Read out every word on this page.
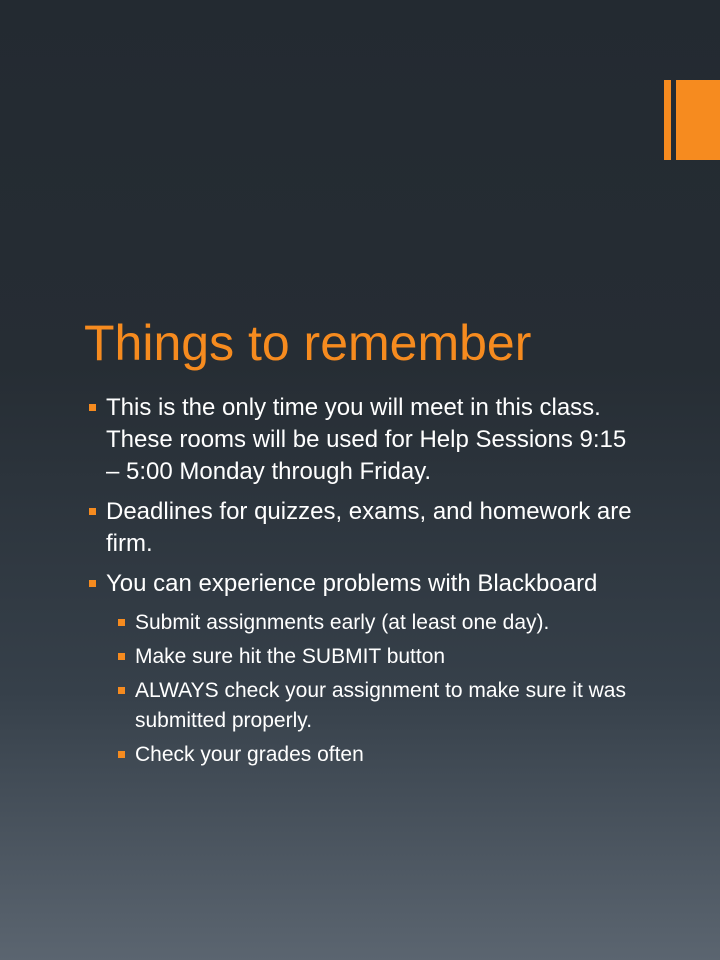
Things to remember
This is the only time you will meet in this class. These rooms will be used for Help Sessions 9:15 – 5:00 Monday through Friday.
Deadlines for quizzes, exams, and homework are firm.
You can experience problems with Blackboard
Submit assignments early (at least one day).
Make sure hit the SUBMIT button
ALWAYS check your assignment to make sure it was submitted properly.
Check your grades often
